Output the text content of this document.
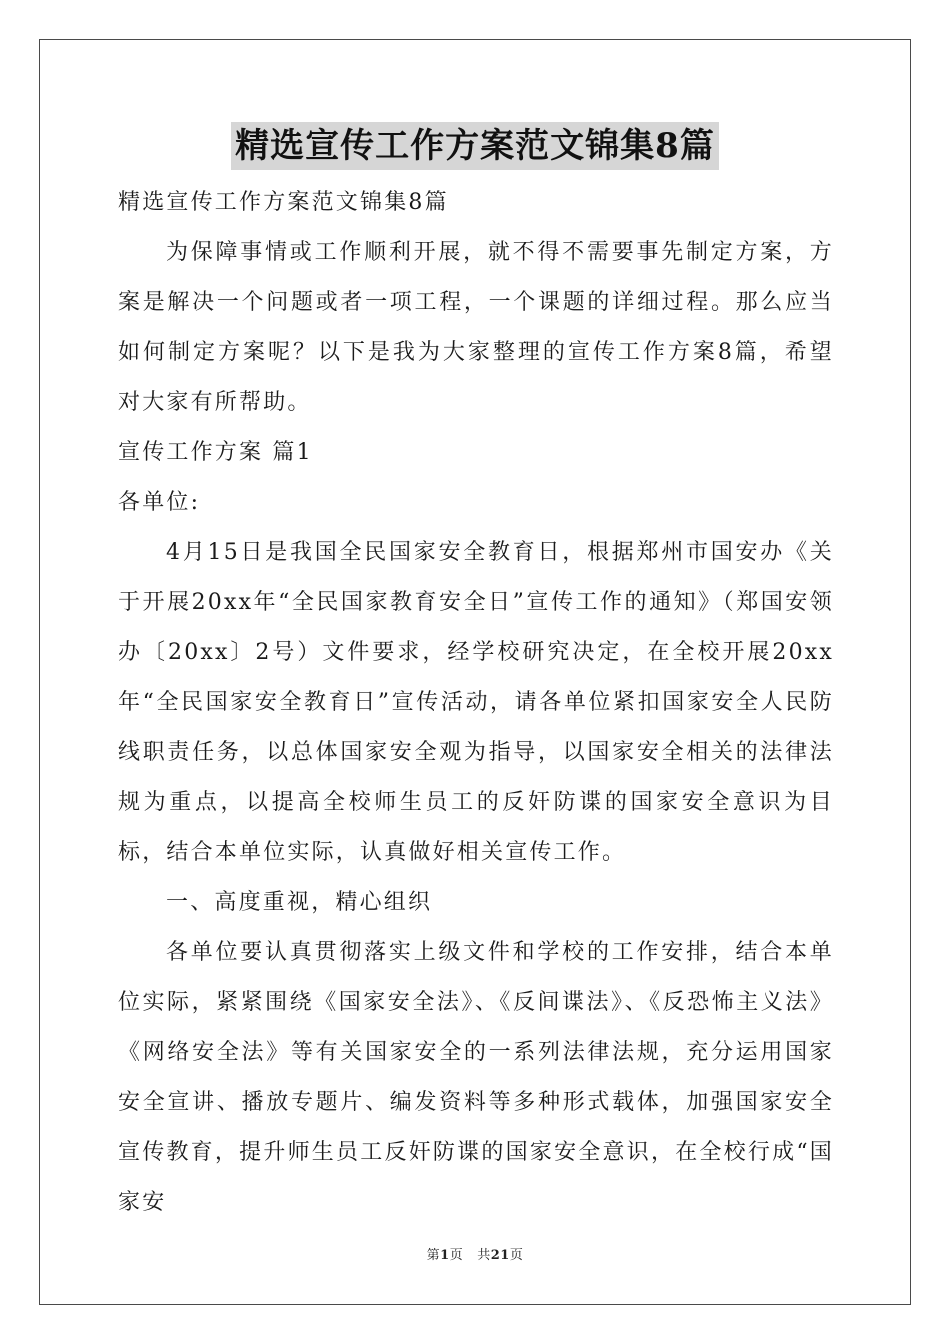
精选宣传工作方案范文锦集8篇

精选宣传工作方案范文锦集8篇

为保障事情或工作顺利开展，就不得不需要事先制定方案，方案是解决一个问题或者一项工程，一个课题的详细过程。那么应当如何制定方案呢？以下是我为大家整理的宣传工作方案8篇，希望对大家有所帮助。

宣传工作方案 篇1

各单位:

4月15日是我国全民国家安全教育日，根据郑州市国安办《关于开展20xx年“全民国家教育安全日”宣传工作的通知》（郑国安领办〔20xx〕2号）文件要求，经学校研究决定，在全校开展20xx年“全民国家安全教育日”宣传活动，请各单位紧扣国家安全人民防线职责任务，以总体国家安全观为指导，以国家安全相关的法律法规为重点，以提高全校师生员工的反奸防谍的国家安全意识为目标，结合本单位实际，认真做好相关宣传工作。

一、高度重视，精心组织

各单位要认真贯彻落实上级文件和学校的工作安排，结合本单位实际，紧紧围绕《国家安全法》、《反间谍法》、《反恐怖主义法》《网络安全法》等有关国家安全的一系列法律法规，充分运用国家安全宣讲、播放专题片、编发资料等多种形式载体，加强国家安全宣传教育，提升师生员工反奸防谍的国家安全意识，在全校行成“国家安

第1页 共21页
